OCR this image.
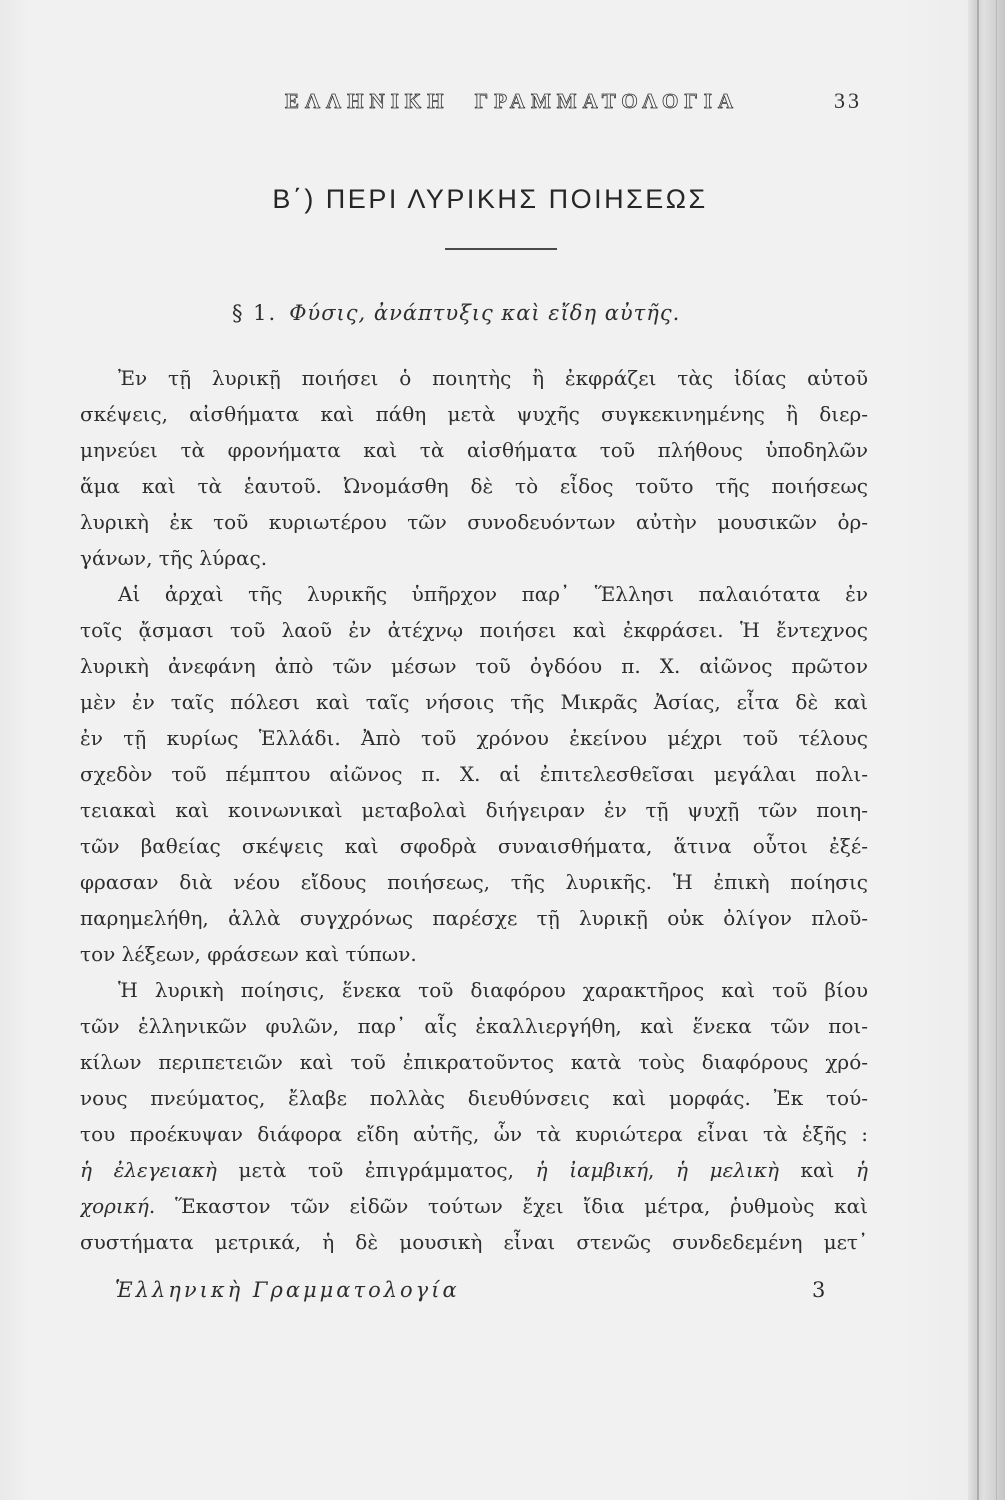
ΕΛΛΗΝΙΚΗ ΓΡΑΜΜΑΤΟΛΟΓΙΑ	33
Β΄) ΠΕΡΙ ΛΥΡΙΚΗΣ ΠΟΙΗΣΕΩΣ
§ 1. Φύσις, ἀνάπτυξις καὶ εἴδη αὐτῆς.
Ἐν τῇ λυρικῇ ποιήσει ὁ ποιητὴς ἢ ἐκφράζει τὰς ἰδίας αὑτοῦ
σκέψεις, αἰσθήματα καὶ πάθη μετὰ ψυχῆς συγκεκινημένης ἢ διερ-
μηνεύει τὰ φρονήματα καὶ τὰ αἰσθήματα τοῦ πλήθους ὑποδηλῶν
ἅμα καὶ τὰ ἑαυτοῦ. Ὠνομάσθη δὲ τὸ εἶδος τοῦτο τῆς ποιήσεως
λυρικὴ ἐκ τοῦ κυριωτέρου τῶν συνοδευόντων αὐτὴν μουσικῶν ὀρ-
γάνων, τῆς λύρας.
Αἱ ἀρχαὶ τῆς λυρικῆς ὑπῆρχον παρ᾽ Ἕλλησι παλαιότατα ἐν
τοῖς ᾄσμασι τοῦ λαοῦ ἐν ἀτέχνῳ ποιήσει καὶ ἐκφράσει. Ἡ ἔντεχνος
λυρικὴ ἀνεφάνη ἀπὸ τῶν μέσων τοῦ ὀγδόου π. Χ. αἰῶνος πρῶτον
μὲν ἐν ταῖς πόλεσι καὶ ταῖς νήσοις τῆς Μικρᾶς Ἀσίας, εἶτα δὲ καὶ
ἐν τῇ κυρίως Ἑλλάδι. Ἀπὸ τοῦ χρόνου ἐκείνου μέχρι τοῦ τέλους
σχεδὸν τοῦ πέμπτου αἰῶνος π. Χ. αἱ ἐπιτελεσθεῖσαι μεγάλαι πολι-
τειακαὶ καὶ κοινωνικαὶ μεταβολαὶ διήγειραν ἐν τῇ ψυχῇ τῶν ποιη-
τῶν βαθείας σκέψεις καὶ σφοδρὰ συναισθήματα, ἅτινα οὗτοι ἐξέ-
φρασαν διὰ νέου εἴδους ποιήσεως, τῆς λυρικῆς. Ἡ ἐπικὴ ποίησις
παρημελήθη, ἀλλὰ συγχρόνως παρέσχε τῇ λυρικῇ οὐκ ὀλίγον πλοῦ-
τον λέξεων, φράσεων καὶ τύπων.
Ἡ λυρικὴ ποίησις, ἕνεκα τοῦ διαφόρου χαρακτῆρος καὶ τοῦ βίου
τῶν ἑλληνικῶν φυλῶν, παρ᾽ αἷς ἐκαλλιεργήθη, καὶ ἕνεκα τῶν ποι-
κίλων περιπετειῶν καὶ τοῦ ἐπικρατοῦντος κατὰ τοὺς διαφόρους χρό-
νους πνεύματος, ἔλαβε πολλὰς διευθύνσεις καὶ μορφάς. Ἐκ τού-
του προέκυψαν διάφορα εἴδη αὐτῆς, ὧν τὰ κυριώτερα εἶναι τὰ ἑξῆς :
ἡ ἐλεγειακὴ μετὰ τοῦ ἐπιγράμματος, ἡ ἰαμβική, ἡ μελικὴ καὶ ἡ
χορική. Ἕκαστον τῶν εἰδῶν τούτων ἔχει ἴδια μέτρα, ῥυθμοὺς καὶ
συστήματα μετρικά, ἡ δὲ μουσικὴ εἶναι στενῶς συνδεδεμένη μετ᾽
Ἑλληνικὴ Γραμματολογία	3
